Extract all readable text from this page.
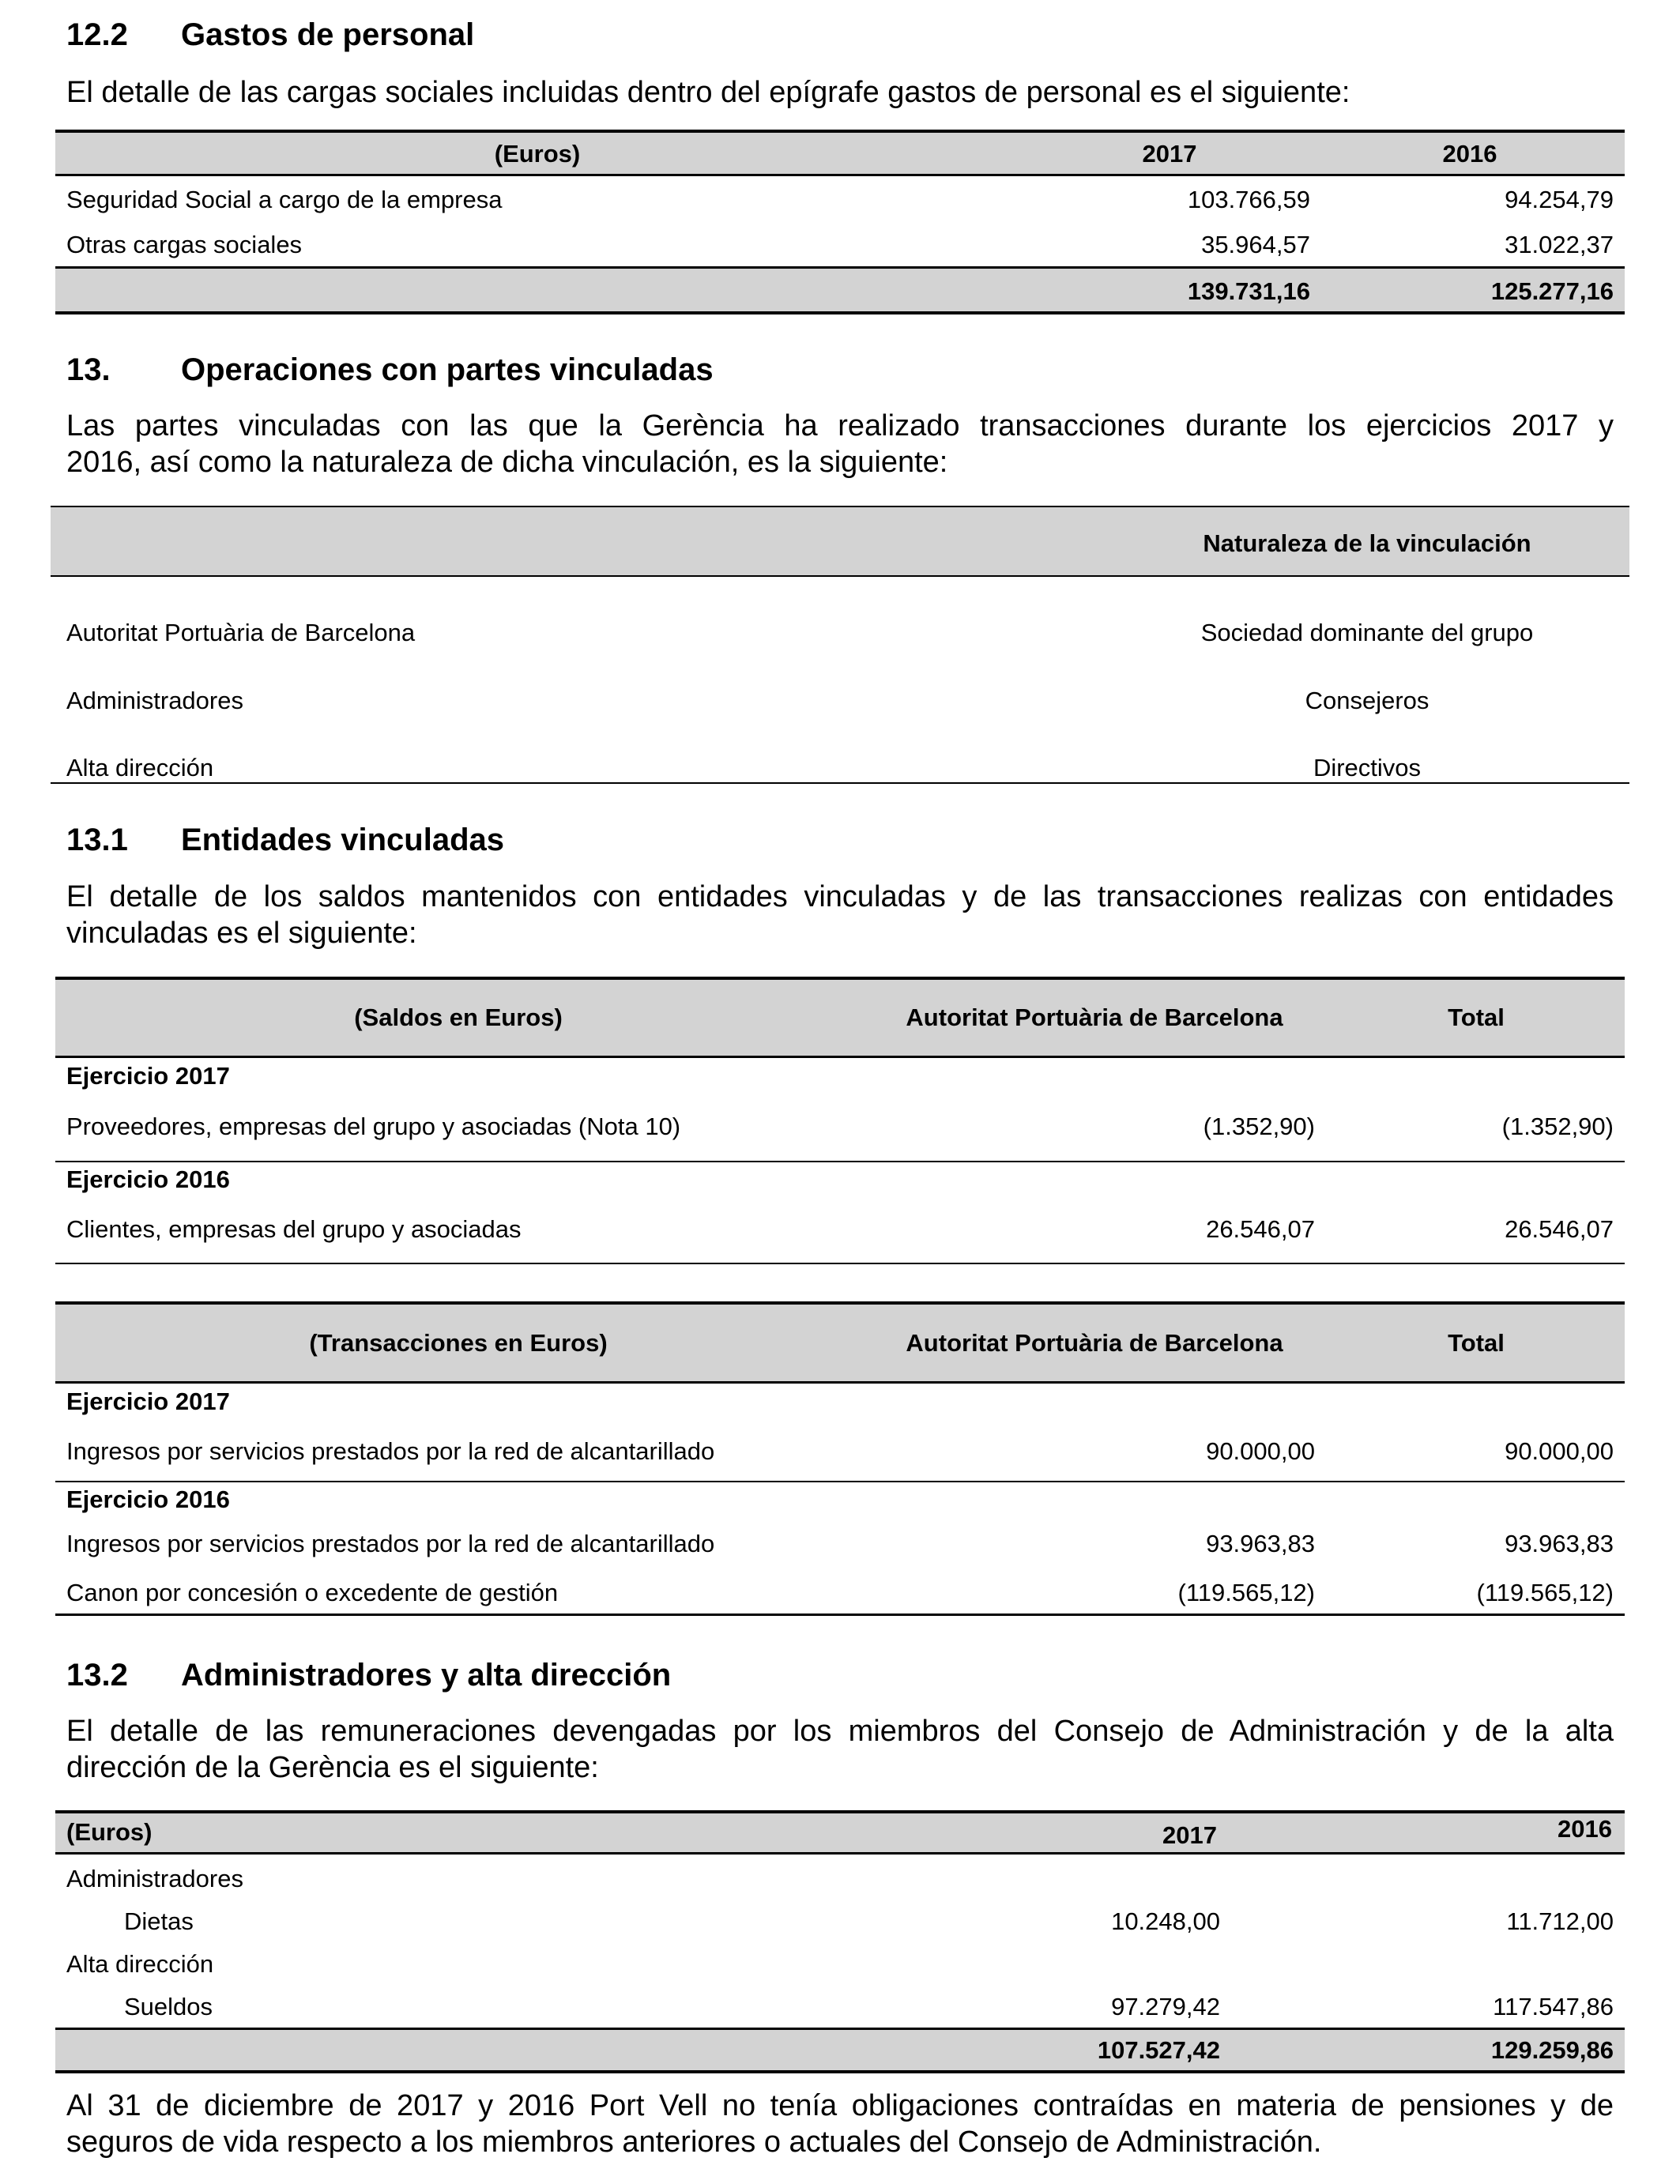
12.2 Gastos de personal
El detalle de las cargas sociales incluidas dentro del epígrafe gastos de personal es el siguiente:
(Euros)	2017	2016
Seguridad Social a cargo de la empresa	103.766,59	94.254,79
Otras cargas sociales	35.964,57	31.022,37
139.731,16	125.277,16
13. Operaciones con partes vinculadas
Las partes vinculadas con las que la Gerència ha realizado transacciones durante los ejercicios 2017 y
2016, así como la naturaleza de dicha vinculación, es la siguiente:
Naturaleza de la vinculación
Autoritat Portuària de Barcelona	Sociedad dominante del grupo
Administradores	Consejeros
Alta dirección	Directivos
13.1 Entidades vinculadas
El detalle de los saldos mantenidos con entidades vinculadas y de las transacciones realizas con entidades
vinculadas es el siguiente:
(Saldos en Euros)	Autoritat Portuària de Barcelona	Total
Ejercicio 2017
Proveedores, empresas del grupo y asociadas (Nota 10)	(1.352,90)	(1.352,90)
Ejercicio 2016
Clientes, empresas del grupo y asociadas	26.546,07	26.546,07
(Transacciones en Euros)	Autoritat Portuària de Barcelona	Total
Ejercicio 2017
Ingresos por servicios prestados por la red de alcantarillado	90.000,00	90.000,00
Ejercicio 2016
Ingresos por servicios prestados por la red de alcantarillado	93.963,83	93.963,83
Canon por concesión o excedente de gestión	(119.565,12)	(119.565,12)
13.2 Administradores y alta dirección
El detalle de las remuneraciones devengadas por los miembros del Consejo de Administración y de la alta
dirección de la Gerència es el siguiente:
(Euros)	2017	2016
Administradores
Dietas	10.248,00	11.712,00
Alta dirección
Sueldos	97.279,42	117.547,86
107.527,42	129.259,86
Al 31 de diciembre de 2017 y 2016 Port Vell no tenía obligaciones contraídas en materia de pensiones y de
seguros de vida respecto a los miembros anteriores o actuales del Consejo de Administración.
